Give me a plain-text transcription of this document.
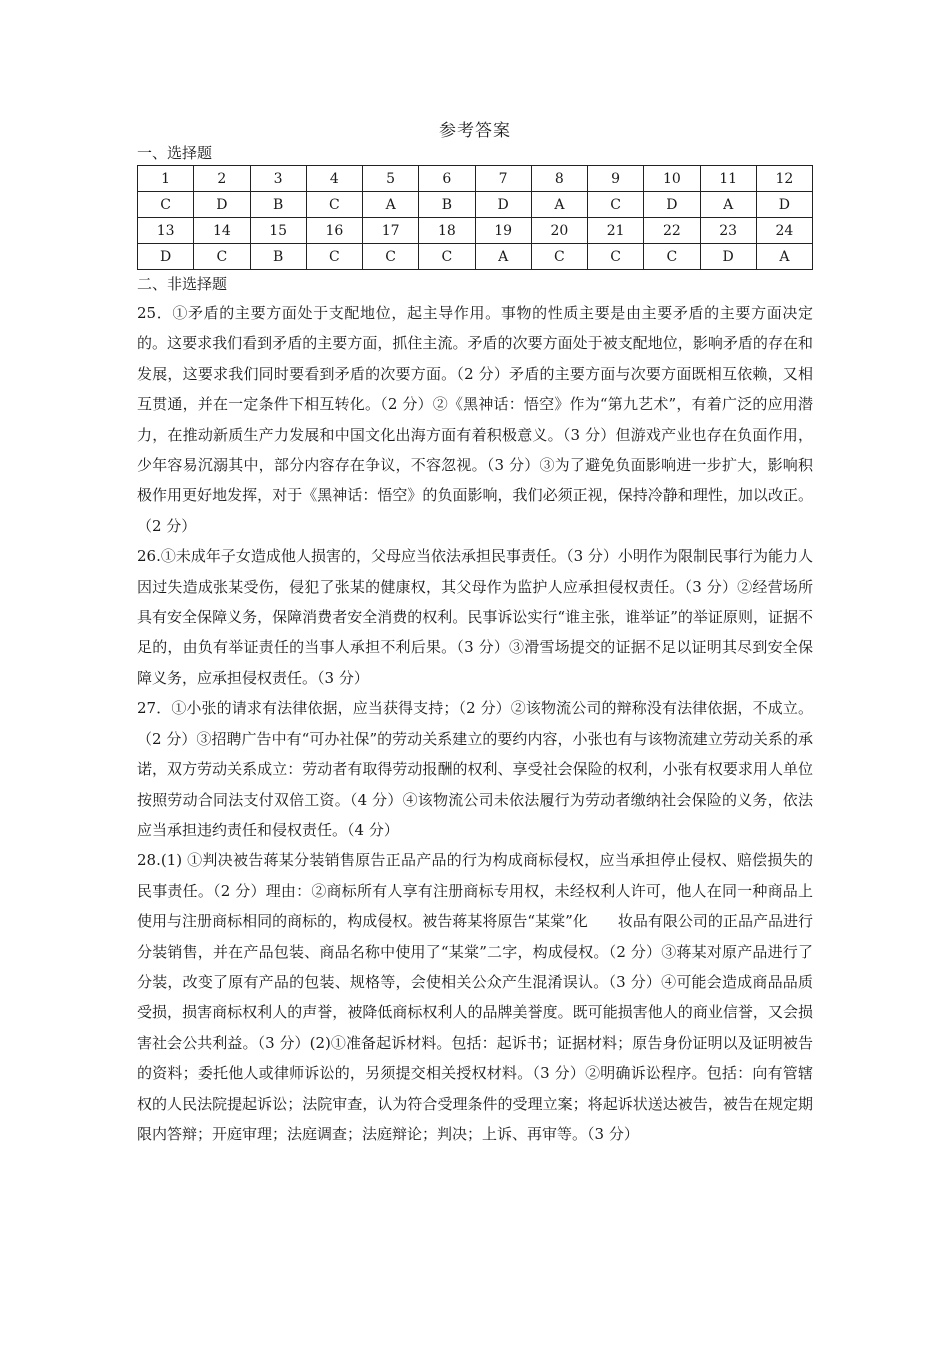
参考答案
一、选择题
1	2	3	4	5	6	7	8	9	10	11	12
C	D	B	C	A	B	D	A	C	D	A	D
13	14	15	16	17	18	19	20	21	22	23	24
D	C	B	C	C	C	A	C	C	C	D	A
二、非选择题

25．①矛盾的主要方面处于支配地位，起主导作用。事物的性质主要是由主要矛盾的主要方面决定的。这要求我们看到矛盾的主要方面，抓住主流。矛盾的次要方面处于被支配地位，影响矛盾的存在和发展，这要求我们同时要看到矛盾的次要方面。（2 分）矛盾的主要方面与次要方面既相互依赖，又相互贯通，并在一定条件下相互转化。（2 分）②《黑神话：悟空》作为“第九艺术”，有着广泛的应用潜力，在推动新质生产力发展和中国文化出海方面有着积极意义。（3 分）但游戏产业也存在负面作用，少年容易沉溺其中，部分内容存在争议，不容忽视。（3 分）③为了避免负面影响进一步扩大，影响积极作用更好地发挥，对于《黑神话：悟空》的负面影响，我们必须正视，保持冷静和理性，加以改正。（2 分）

26.①未成年子女造成他人损害的，父母应当依法承担民事责任。（3 分）小明作为限制民事行为能力人因过失造成张某受伤，侵犯了张某的健康权，其父母作为监护人应承担侵权责任。（3 分）②经营场所具有安全保障义务，保障消费者安全消费的权利。民事诉讼实行“谁主张，谁举证”的举证原则，证据不足的，由负有举证责任的当事人承担不利后果。（3 分）③滑雪场提交的证据不足以证明其尽到安全保障义务，应承担侵权责任。（3 分）

27．①小张的请求有法律依据，应当获得支持；（2 分）②该物流公司的辩称没有法律依据，不成立。（2 分）③招聘广告中有“可办社保”的劳动关系建立的要约内容，小张也有与该物流建立劳动关系的承诺，双方劳动关系成立：劳动者有取得劳动报酬的权利、享受社会保险的权利，小张有权要求用人单位按照劳动合同法支付双倍工资。（4 分）④该物流公司未依法履行为劳动者缴纳社会保险的义务，依法应当承担违约责任和侵权责任。（4 分）

28.(1) ①判决被告蒋某分装销售原告正品产品的行为构成商标侵权，应当承担停止侵权、赔偿损失的民事责任。（2 分）理由：②商标所有人享有注册商标专用权，未经权利人许可，他人在同一种商品上使用与注册商标相同的商标的，构成侵权。被告蒋某将原告“某棠”化　　妆品有限公司的正品产品进行分装销售，并在产品包装、商品名称中使用了“某棠”二字，构成侵权。（2 分）③蒋某对原产品进行了分装，改变了原有产品的包装、规格等，会使相关公众产生混淆误认。（3 分）④可能会造成商品品质受损，损害商标权利人的声誉，被降低商标权利人的品牌美誉度。既可能损害他人的商业信誉，又会损害社会公共利益。（3 分）(2)①准备起诉材料。包括：起诉书；证据材料；原告身份证明以及证明被告的资料；委托他人或律师诉讼的，另须提交相关授权材料。（3 分）②明确诉讼程序。包括：向有管辖权的人民法院提起诉讼；法院审查，认为符合受理条件的受理立案；将起诉状送达被告，被告在规定期限内答辩；开庭审理；法庭调查；法庭辩论；判决；上诉、再审等。（3 分）
